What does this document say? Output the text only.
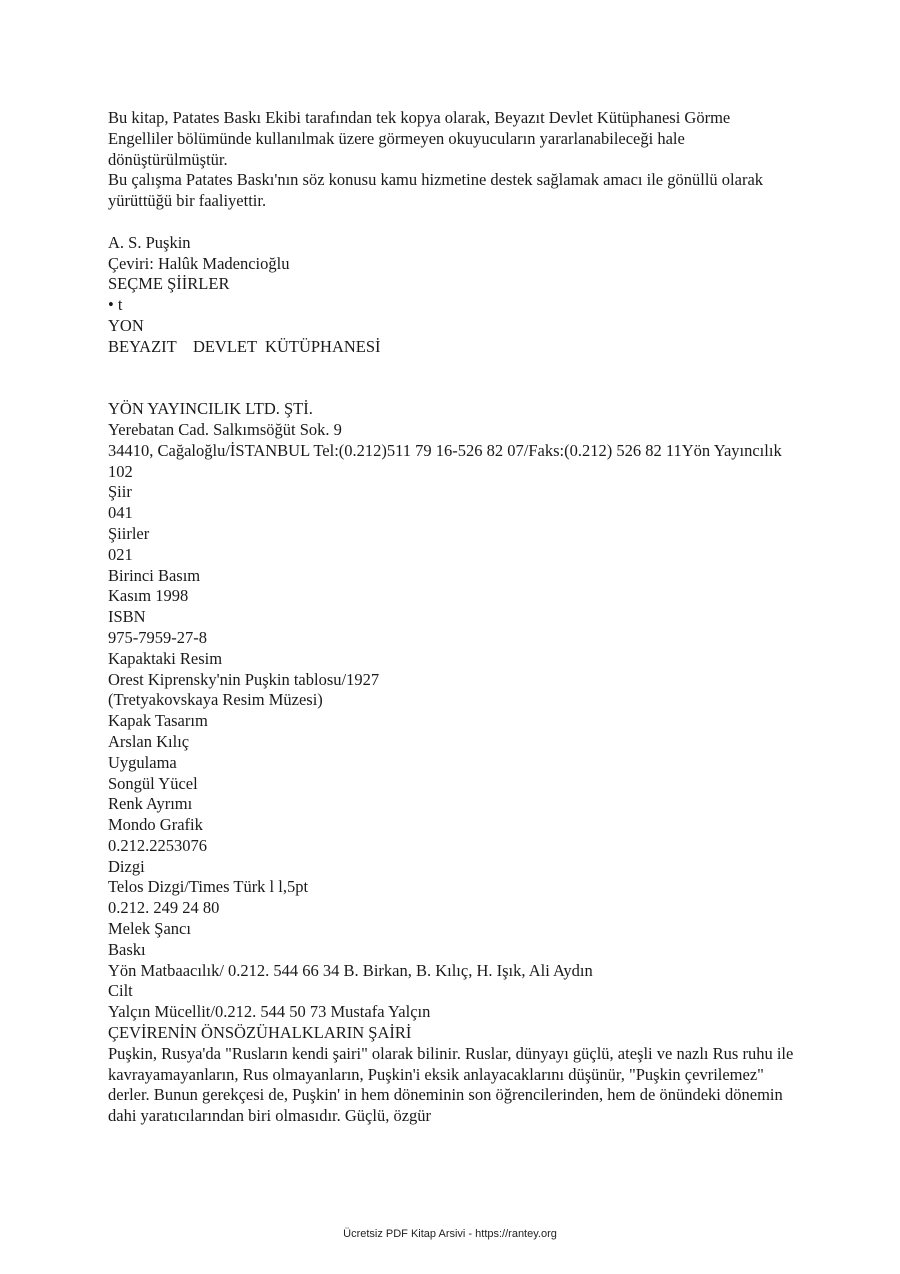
Bu kitap, Patates Baskı Ekibi tarafından tek kopya olarak, Beyazıt Devlet Kütüphanesi Görme Engelliler bölümünde kullanılmak üzere görmeyen okuyucuların yararlanabileceği hale dönüştürülmüştür.

Bu çalışma Patates Baskı'nın söz konusu kamu hizmetine destek sağlamak amacı ile gönüllü olarak yürüttüğü bir faaliyettir.

A. S. Puşkin

Çeviri: Halûk Madencioğlu

SEÇME ŞİİRLER

• t

YON

BEYAZIT    DEVLET  KÜTÜPHANESİ

YÖN YAYINCILIK LTD. ŞTİ.

Yerebatan Cad. Salkımsöğüt Sok. 9

34410, Cağaloğlu/İSTANBUL Tel:(0.212)511 79 16-526 82 07/Faks:(0.212) 526 82 11Yön Yayıncılık

102

Şiir

041

Şiirler

021

Birinci Basım

Kasım 1998

ISBN

975-7959-27-8

Kapaktaki Resim

Orest Kiprensky'nin Puşkin tablosu/1927

(Tretyakovskaya Resim Müzesi)

Kapak Tasarım

Arslan Kılıç

Uygulama

Songül Yücel

Renk Ayrımı

Mondo Grafik

0.212.2253076

Dizgi

Telos Dizgi/Times Türk l l,5pt

0.212. 249 24 80

Melek Şancı

Baskı

Yön Matbaacılık/ 0.212. 544 66 34 B. Birkan, B. Kılıç, H. Işık, Ali Aydın

Cilt

Yalçın Mücellit/0.212. 544 50 73 Mustafa Yalçın

ÇEVİRENİN ÖNSÖZÜHALKLARIN ŞAİRİ

Puşkin, Rusya'da "Rusların kendi şairi" olarak bilinir. Ruslar, dünyayı güçlü, ateşli ve nazlı Rus ruhu ile kavrayamayanların, Rus olmayanların, Puşkin'i eksik anlayacaklarını düşünür, "Puşkin çevrilemez" derler. Bunun gerekçesi de, Puşkin' in hem döneminin son öğrencilerinden, hem de önündeki dönemin dahi yaratıcılarından biri olmasıdır. Güçlü, özgür

Ücretsiz PDF Kitap Arsivi - https://rantey.org
